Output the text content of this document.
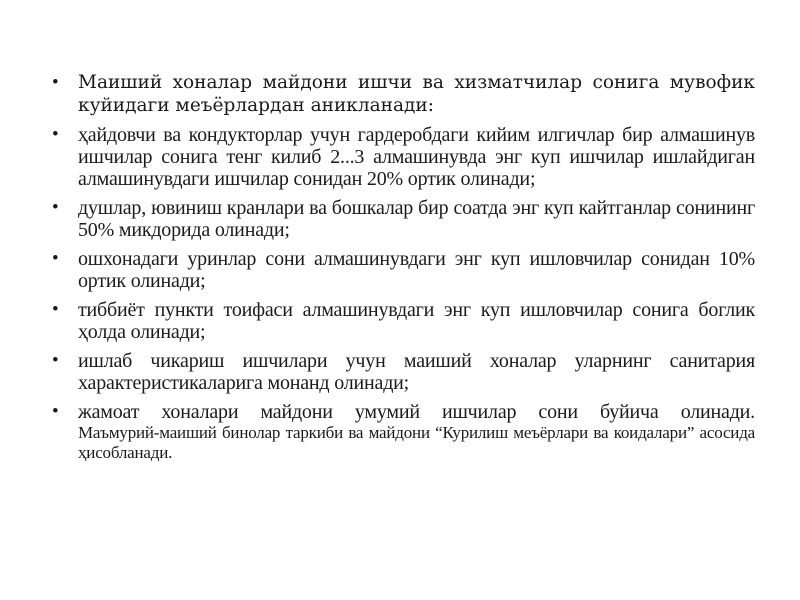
•	Маиший хоналар майдони ишчи ва хизматчилар сонига мувофик куйидаги меъёрлардан аникланади:
• ҳайдовчи ва кондукторлар учун гардеробдаги кийим илгичлар бир алмашинув ишчилар сонига тенг килиб 2...3 алмашинувда энг куп ишчилар ишлайдиган алмашинувдаги ишчилар сонидан 20% ортик олинади;
• душлар, ювиниш кранлари ва бошкалар бир соатда энг куп кайтганлар сонининг 50% микдорида олинади;
• ошхонадаги уринлар сони алмашинувдаги энг куп ишловчилар сонидан 10% ортик олинади;
• тиббиёт пункти тоифаси алмашинувдаги энг куп ишловчилар сонига боглик ҳолда олинади;
• ишлаб чикариш ишчилари учун маиший хоналар уларнинг санитария характеристикаларига монанд олинади;
• жамоат хоналари майдони умумий ишчилар сони буйича олинади.
Маъмурий-маиший бинолар таркиби ва майдони “Курилиш меъёрлари ва коидалари” асосида ҳисобланади.
